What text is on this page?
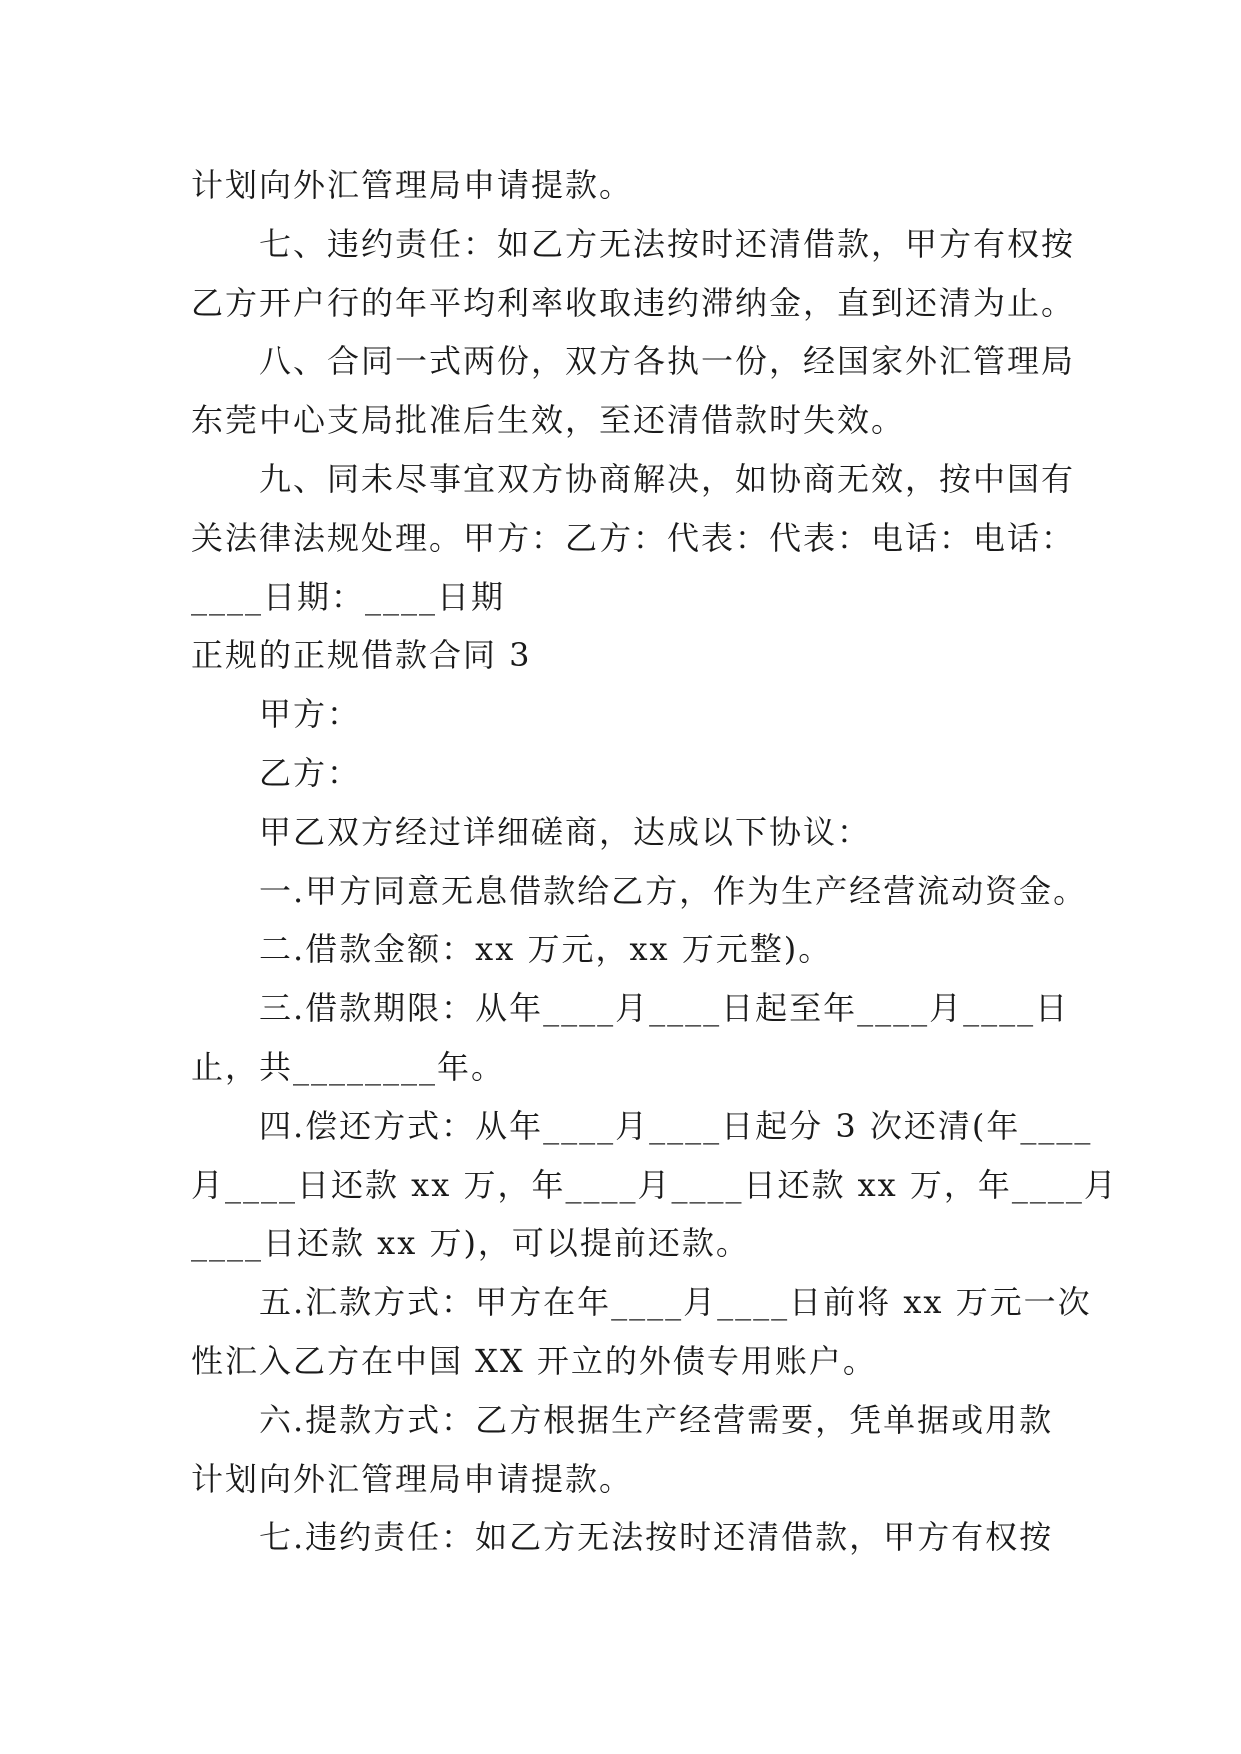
计划向外汇管理局申请提款。
七、违约责任：如乙方无法按时还清借款，甲方有权按
乙方开户行的年平均利率收取违约滞纳金，直到还清为止。
八、合同一式两份，双方各执一份，经国家外汇管理局
东莞中心支局批准后生效，至还清借款时失效。
九、同未尽事宜双方协商解决，如协商无效，按中国有
关法律法规处理。甲方：乙方：代表：代表：电话：电话：
____日期：____日期
正规的正规借款合同 3
甲方：
乙方：
甲乙双方经过详细磋商，达成以下协议：
一.甲方同意无息借款给乙方，作为生产经营流动资金。
二.借款金额：xx 万元，xx 万元整)。
三.借款期限：从年____月____日起至年____月____日
止，共________年。
四.偿还方式：从年____月____日起分 3 次还清(年____
月____日还款 xx 万，年____月____日还款 xx 万，年____月
____日还款 xx 万)，可以提前还款。
五.汇款方式：甲方在年____月____日前将 xx 万元一次
性汇入乙方在中国 XX 开立的外债专用账户。
六.提款方式：乙方根据生产经营需要，凭单据或用款
计划向外汇管理局申请提款。
七.违约责任：如乙方无法按时还清借款，甲方有权按
